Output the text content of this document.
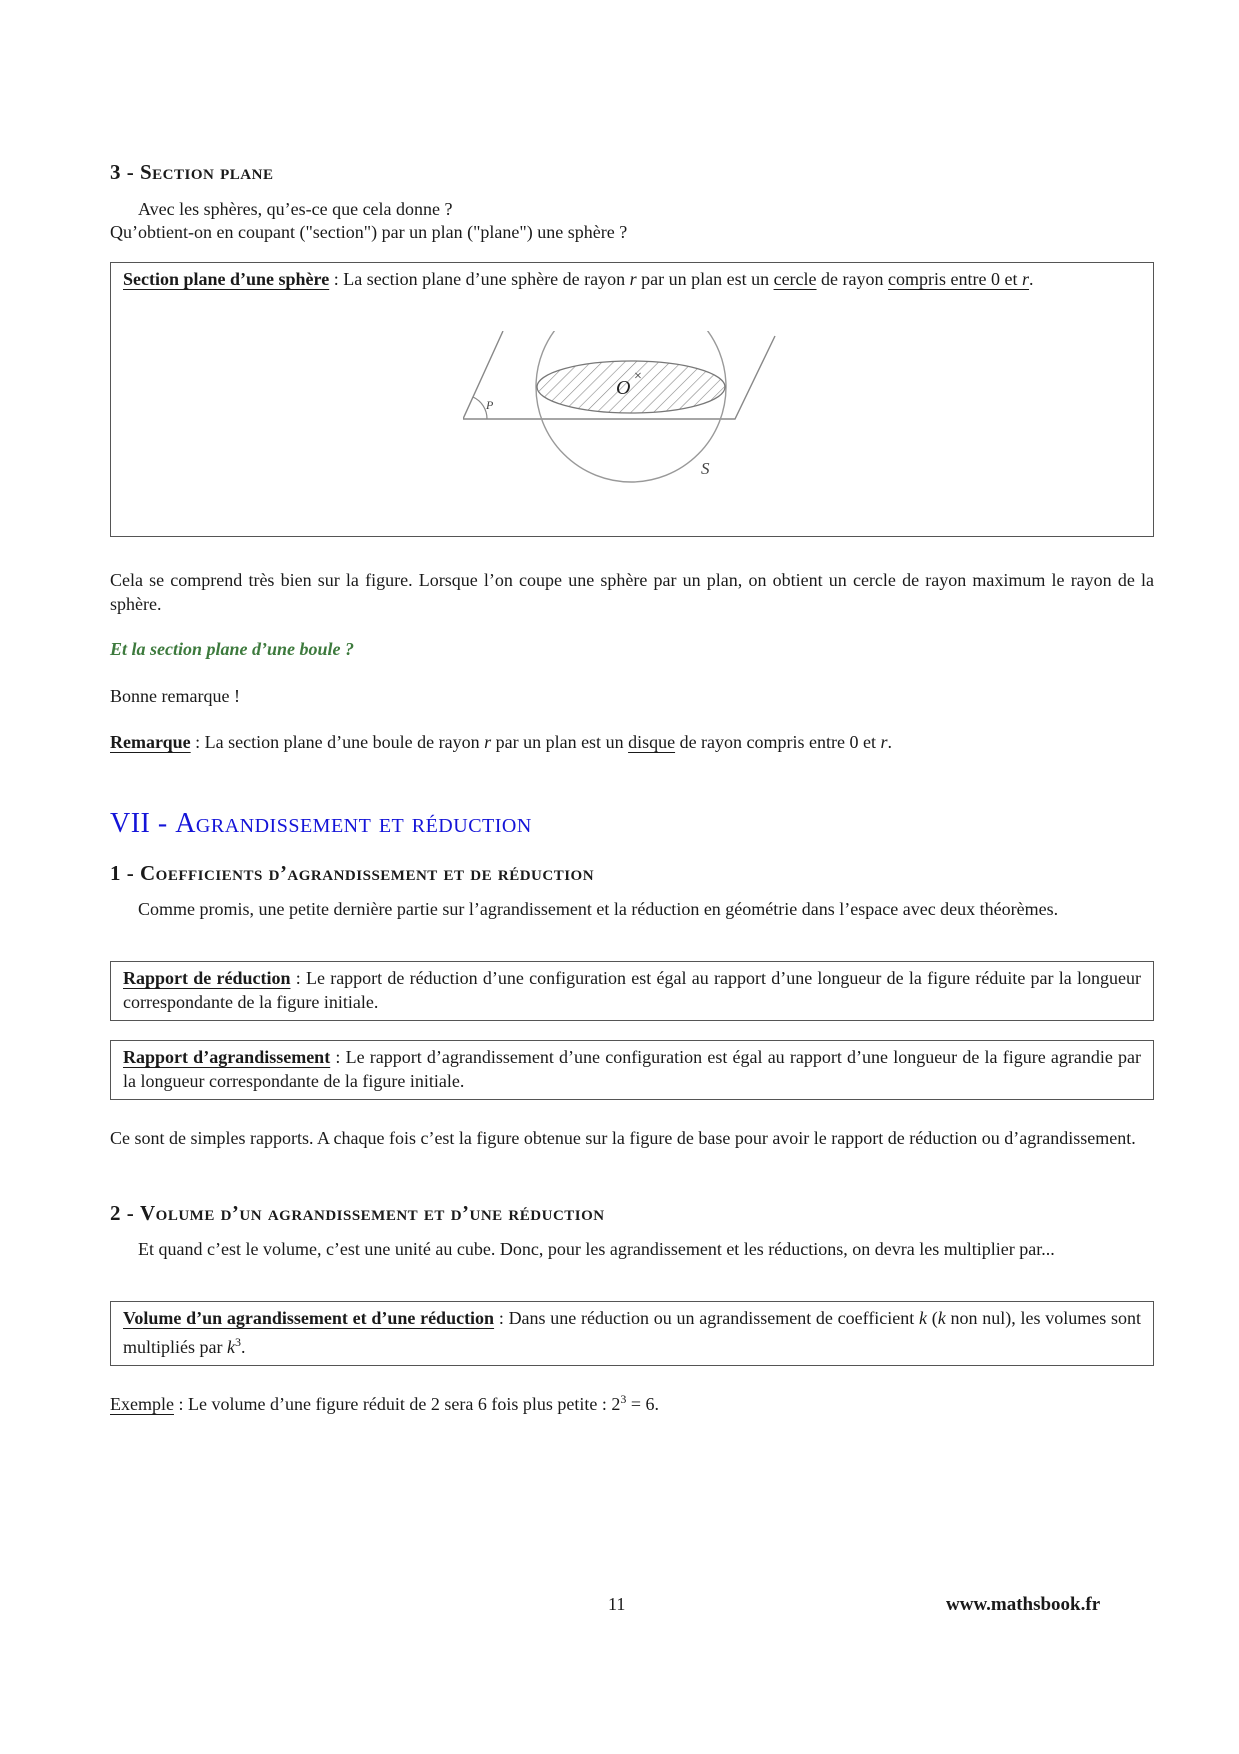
3 - Section plane

Avec les sphères, qu’es-ce que cela donne ?

Qu’obtient-on en coupant ("section") par un plan ("plane") une sphère ?

Section plane d’une sphère : La section plane d’une sphère de rayon r par un plan est un cercle de rayon compris entre 0 et r.

P
O
×
S

Cela se comprend très bien sur la figure. Lorsque l’on coupe une sphère par un plan, on obtient un cercle de rayon maximum le rayon de la sphère.

Et la section plane d’une boule ?

Bonne remarque !

Remarque : La section plane d’une boule de rayon r par un plan est un disque de rayon compris entre 0 et r.

VII - Agrandissement et réduction
1 - Coefficients d’agrandissement et de réduction

Comme promis, une petite dernière partie sur l’agrandissement et la réduction en géométrie dans l’espace avec deux théorèmes.

Rapport de réduction : Le rapport de réduction d’une configuration est égal au rapport d’une longueur de la figure réduite par la longueur correspondante de la figure initiale.

Rapport d’agrandissement : Le rapport d’agrandissement d’une configuration est égal au rapport d’une longueur de la figure agrandie par la longueur correspondante de la figure initiale.

Ce sont de simples rapports. A chaque fois c’est la figure obtenue sur la figure de base pour avoir le rapport de réduction ou d’agrandissement.

2 - Volume d’un agrandissement et d’une réduction

Et quand c’est le volume, c’est une unité au cube. Donc, pour les agrandissement et les réductions, on devra les multiplier par...

Volume d’un agrandissement et d’une réduction : Dans une réduction ou un agrandissement de coefficient k (k non nul), les volumes sont multipliés par $k^3$.

Exemple : Le volume d’une figure réduit de 2 sera 6 fois plus petite : $2^3 = 6$.

11	www.mathsbook.fr
